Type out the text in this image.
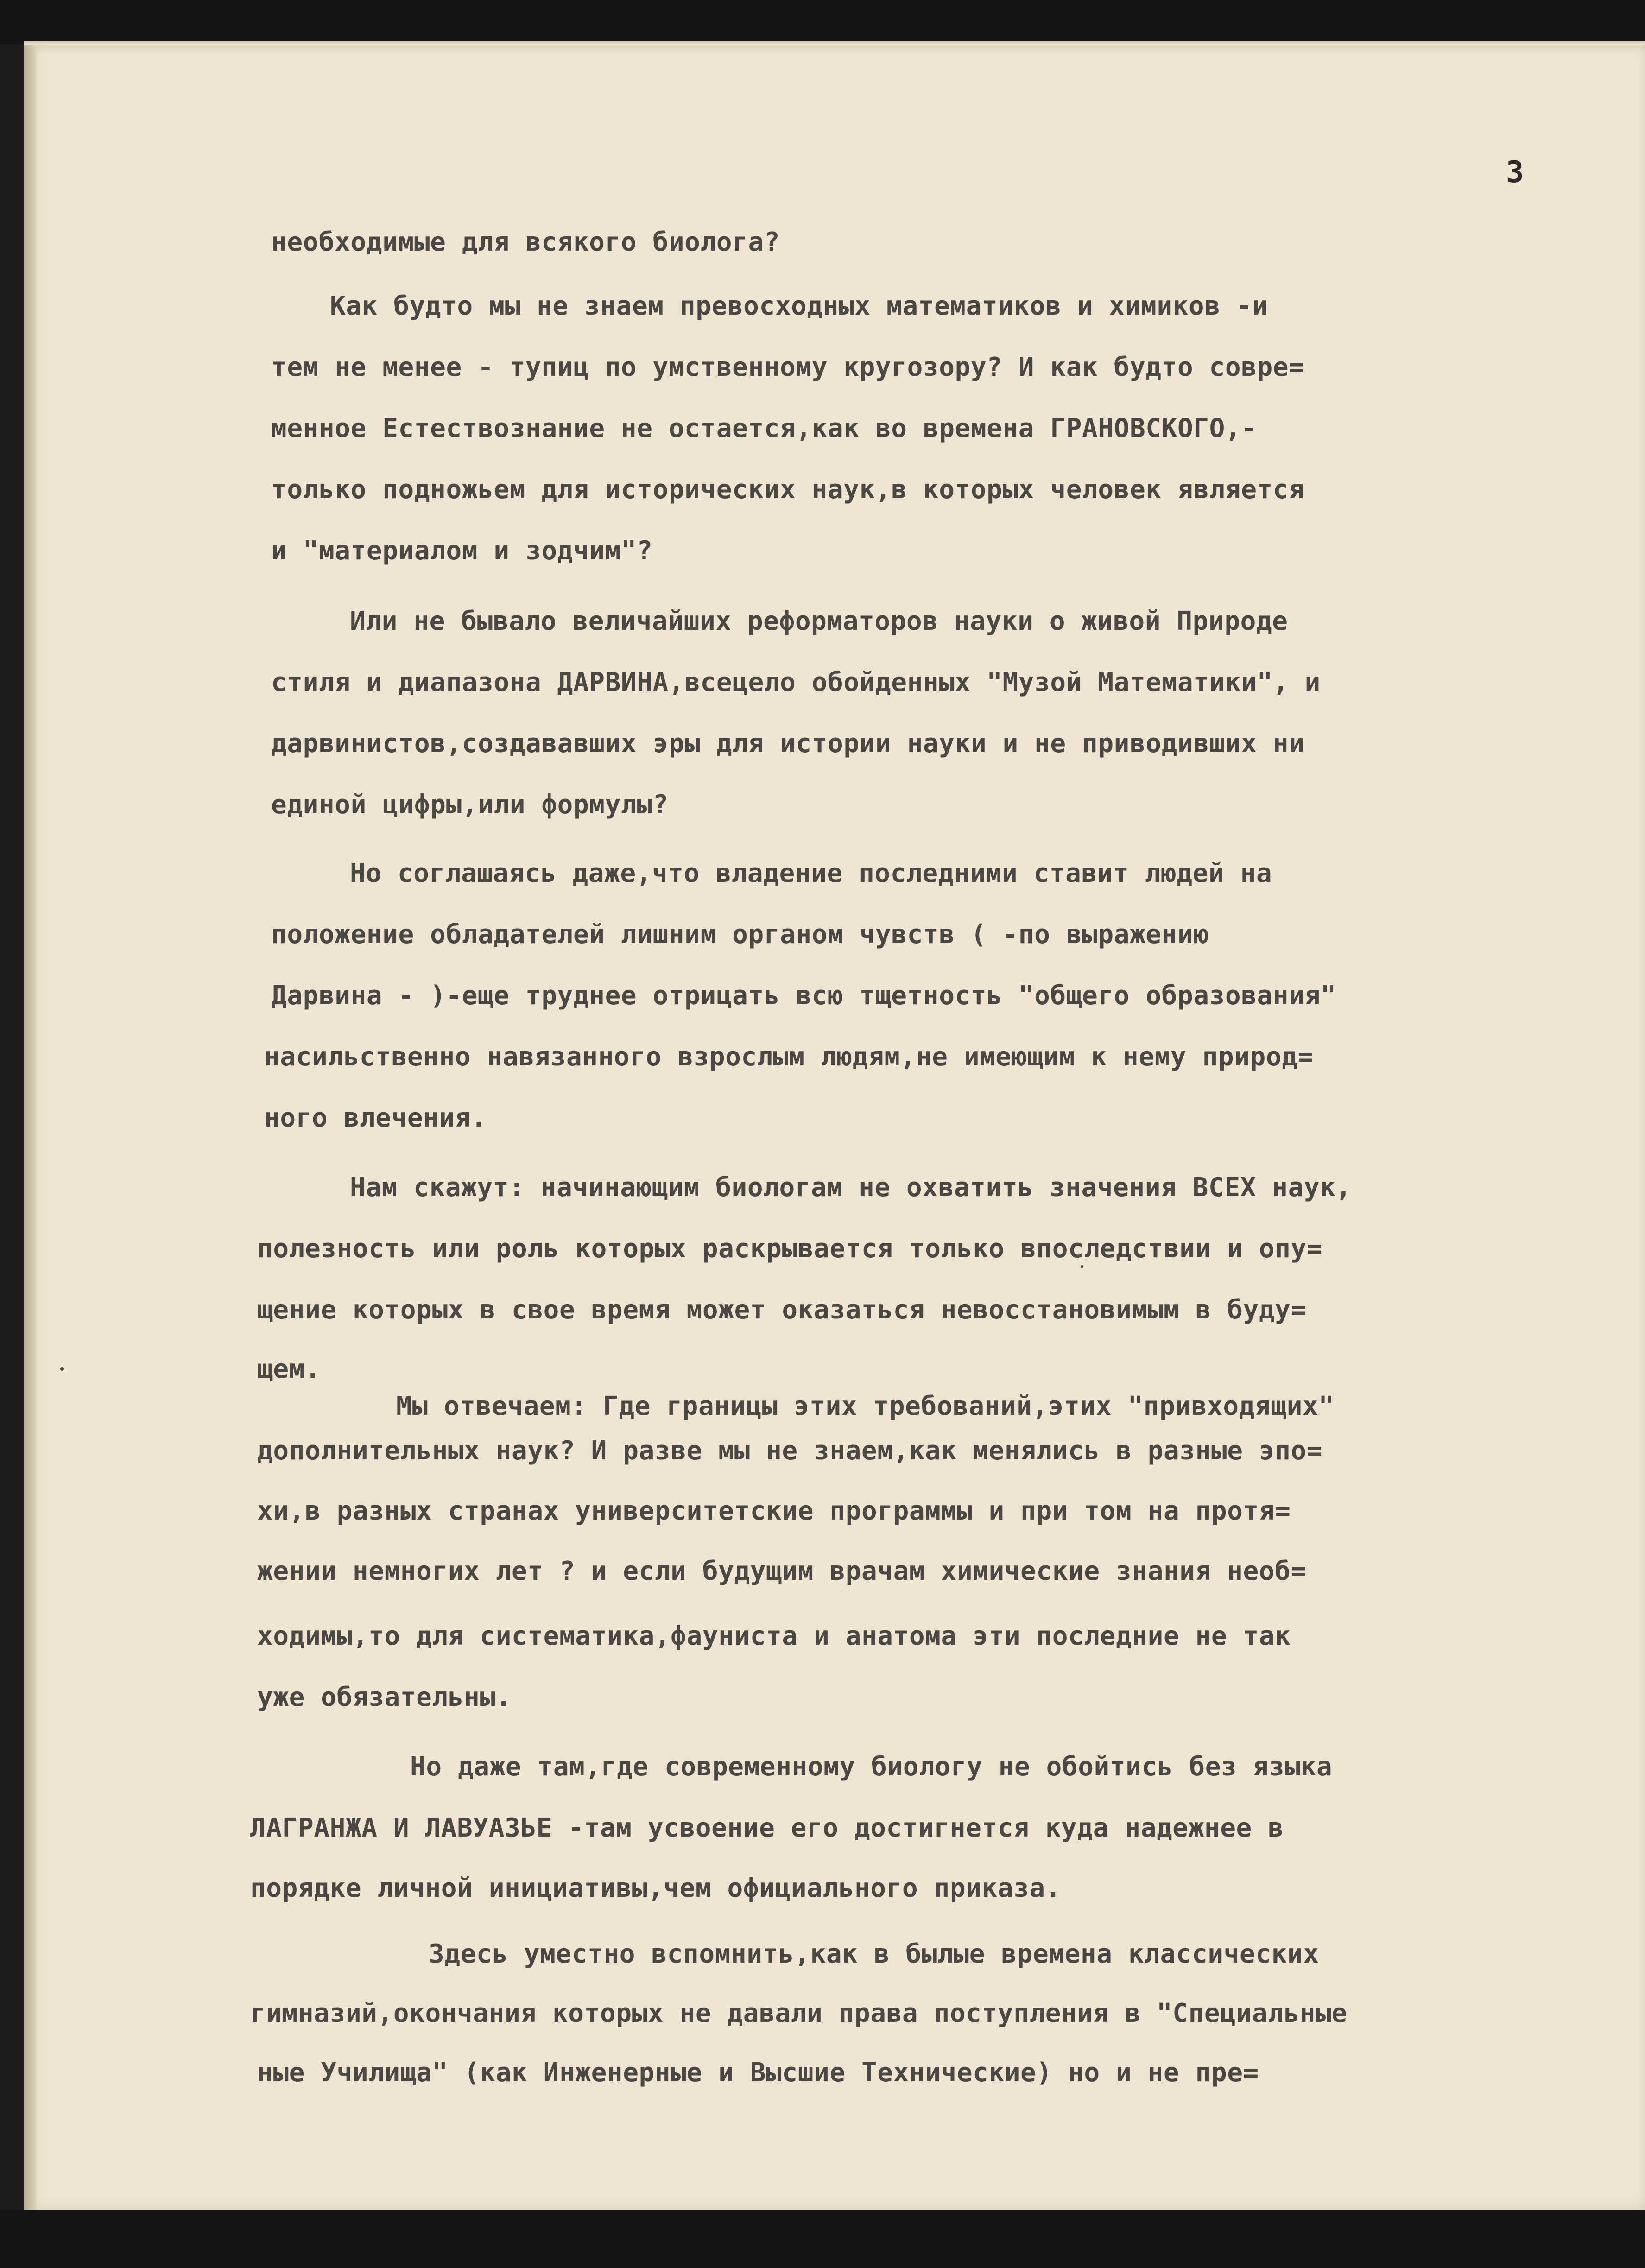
3
необходимые для всякого биолога?
Как будто мы не знаем превосходных математиков и химиков -и
тем не менее - тупиц по умственному кругозору? И как будто совре=
менное Естествознание не остается,как во времена ГРАНОВСКОГО,-
только подножьем для исторических наук,в которых человек является
и "материалом и зодчим"?
Или не бывало величайших реформаторов науки о живой Природе
стиля и диапазона ДАРВИНА,всецело обойденных "Музой Математики", и
дарвинистов,создававших эры для истории науки и не приводивших ни
единой цифры,или формулы?
Но соглашаясь даже,что владение последними ставит людей на
положение обладателей лишним органом чувств ( -по выражению
Дарвина - )-еще труднее отрицать всю тщетность "общего образования"
насильственно навязанного взрослым людям,не имеющим к нему природ=
ного влечения.
Нам скажут: начинающим биологам не охватить значения ВСЕХ наук,
полезность или роль которых раскрывается только впоследствии и опу=
щение которых в свое время может оказаться невосстановимым в буду=
щем.
Мы отвечаем: Где границы этих требований,этих "привходящих"
дополнительных наук? И разве мы не знаем,как менялись в разные эпо=
хи,в разных странах университетские программы и при том на протя=
жении немногих лет ? и если будущим врачам химические знания необ=
ходимы,то для систематика,фауниста и анатома эти последние не так
уже обязательны.
Но даже там,где современному биологу не обойтись без языка
ЛАГРАНЖА И ЛАВУАЗЬЕ -там усвоение его достигнется куда надежнее в
порядке личной инициативы,чем официального приказа.
Здесь уместно вспомнить,как в былые времена классических
гимназий,окончания которых не давали права поступления в "Специальные
ные Училища" (как Инженерные и Высшие Технические) но и не пре=
